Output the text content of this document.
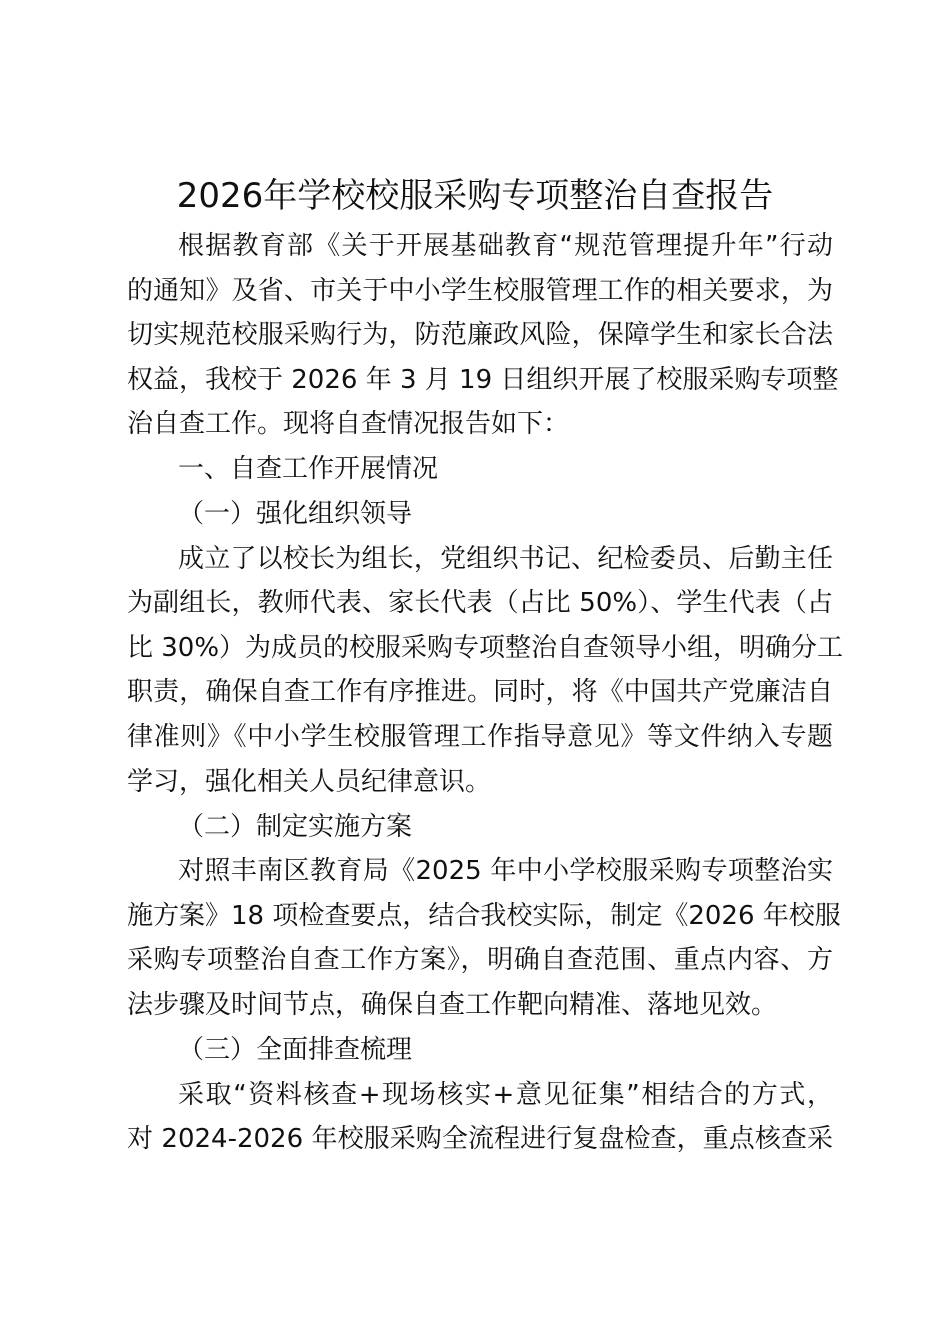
2026年学校校服采购专项整治自查报告
根据教育部《关于开展基础教育“规范管理提升年”行动
的通知》及省、市关于中小学生校服管理工作的相关要求，为
切实规范校服采购行为，防范廉政风险，保障学生和家长合法
权益，我校于 2026 年 3 月 19 日组织开展了校服采购专项整
治自查工作。现将自查情况报告如下：
一、自查工作开展情况
（一）强化组织领导
成立了以校长为组长，党组织书记、纪检委员、后勤主任
为副组长，教师代表、家长代表（占比 50%）、学生代表（占
比 30%）为成员的校服采购专项整治自查领导小组，明确分工
职责，确保自查工作有序推进。同时，将《中国共产党廉洁自
律准则》《中小学生校服管理工作指导意见》等文件纳入专题
学习，强化相关人员纪律意识。
（二）制定实施方案
对照丰南区教育局《2025 年中小学校服采购专项整治实
施方案》18 项检查要点，结合我校实际，制定《2026 年校服
采购专项整治自查工作方案》，明确自查范围、重点内容、方
法步骤及时间节点，确保自查工作靶向精准、落地见效。
（三）全面排查梳理
采取“资料核查+现场核实+意见征集”相结合的方式，
对 2024-2026 年校服采购全流程进行复盘检查，重点核查采
